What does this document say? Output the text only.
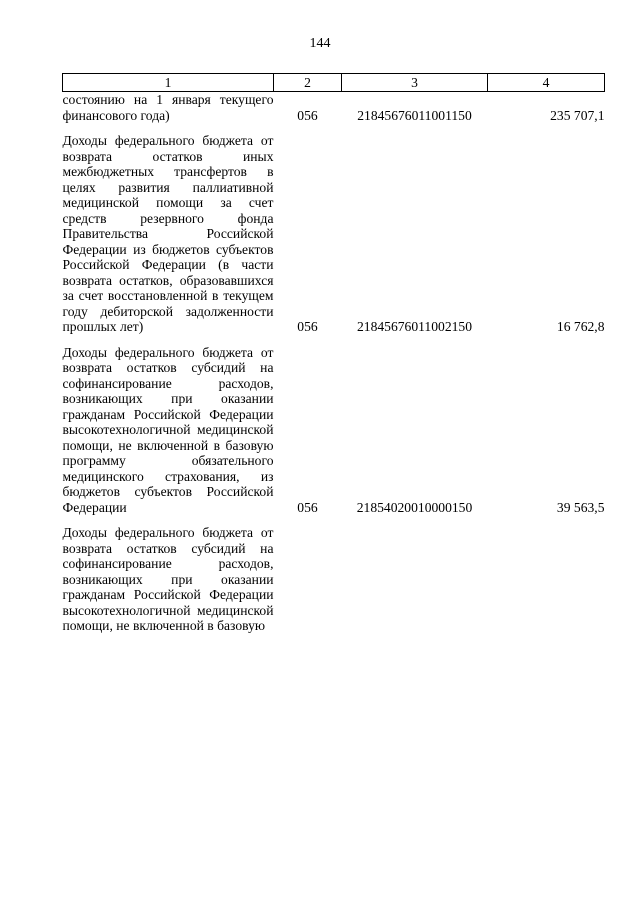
144
1	2	3	4
состоянию на 1 января текущего финансового года)	056	21845676011001150	235 707,1

Доходы федерального бюджета от возврата остатков иных межбюджетных трансфертов в целях развития паллиативной медицинской помощи за счет средств резервного фонда Правительства Российской Федерации из бюджетов субъектов Российской Федерации (в части возврата остатков, образовавшихся за счет восстановленной в текущем году дебиторской задолженности прошлых лет)	056	21845676011002150	16 762,8

Доходы федерального бюджета от возврата остатков субсидий на софинансирование расходов, возникающих при оказании гражданам Российской Федерации высокотехнологичной медицинской помощи, не включенной в базовую программу обязательного медицинского страхования, из бюджетов субъектов Российской Федерации	056	21854020010000150	39 563,5

Доходы федерального бюджета от возврата остатков субсидий на софинансирование расходов, возникающих при оказании гражданам Российской Федерации высокотехнологичной медицинской помощи, не включенной в базовую			
